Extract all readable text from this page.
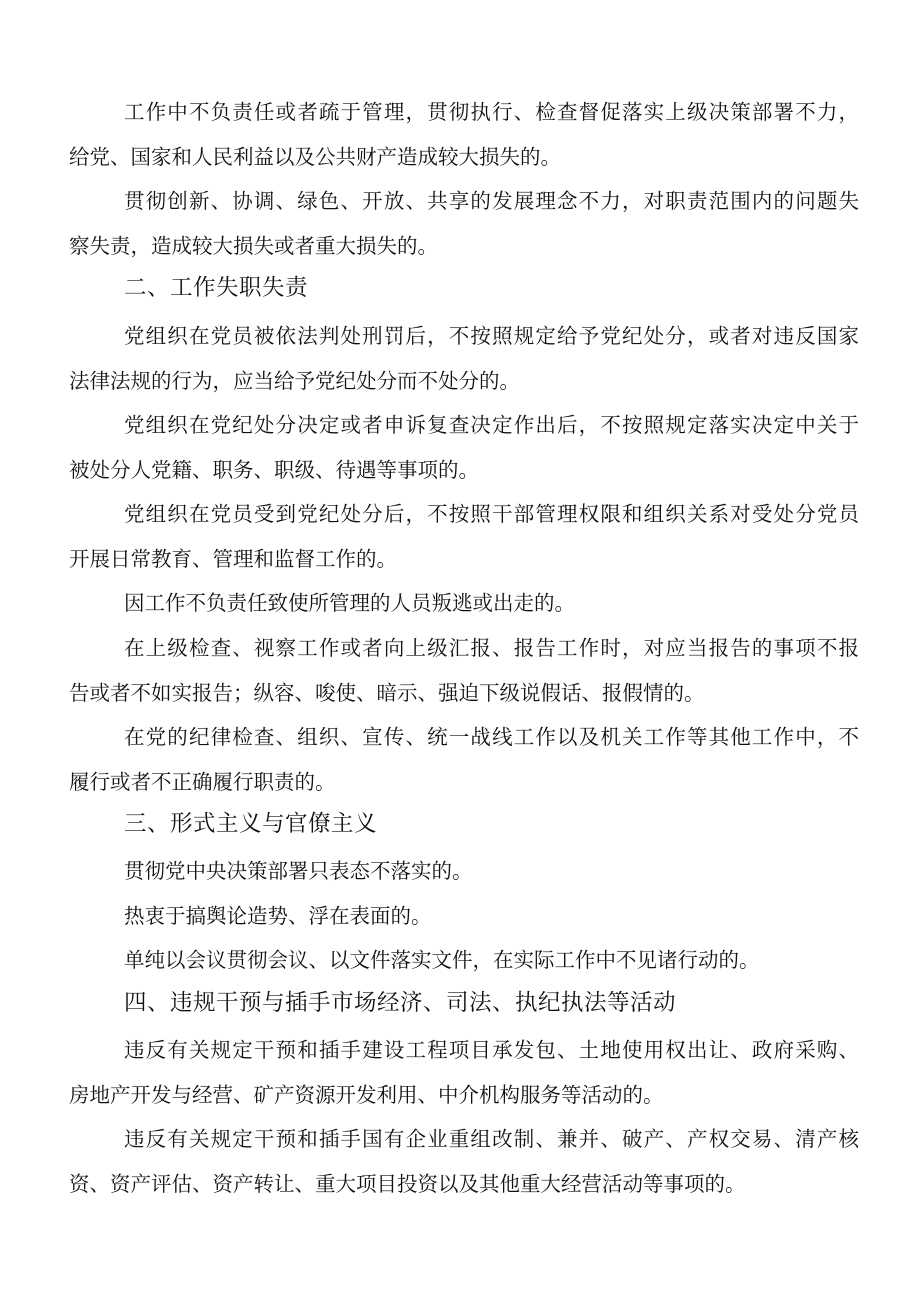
工作中不负责任或者疏于管理，贯彻执行、检查督促落实上级决策部署不力，
给党、国家和人民利益以及公共财产造成较大损失的。
贯彻创新、协调、绿色、开放、共享的发展理念不力，对职责范围内的问题失
察失责，造成较大损失或者重大损失的。
二、工作失职失责
党组织在党员被依法判处刑罚后，不按照规定给予党纪处分，或者对违反国家
法律法规的行为，应当给予党纪处分而不处分的。
党组织在党纪处分决定或者申诉复查决定作出后，不按照规定落实决定中关于
被处分人党籍、职务、职级、待遇等事项的。
党组织在党员受到党纪处分后，不按照干部管理权限和组织关系对受处分党员
开展日常教育、管理和监督工作的。
因工作不负责任致使所管理的人员叛逃或出走的。
在上级检查、视察工作或者向上级汇报、报告工作时，对应当报告的事项不报
告或者不如实报告；纵容、唆使、暗示、强迫下级说假话、报假情的。
在党的纪律检查、组织、宣传、统一战线工作以及机关工作等其他工作中，不
履行或者不正确履行职责的。
三、形式主义与官僚主义
贯彻党中央决策部署只表态不落实的。
热衷于搞舆论造势、浮在表面的。
单纯以会议贯彻会议、以文件落实文件，在实际工作中不见诸行动的。
四、违规干预与插手市场经济、司法、执纪执法等活动
违反有关规定干预和插手建设工程项目承发包、土地使用权出让、政府采购、
房地产开发与经营、矿产资源开发利用、中介机构服务等活动的。
违反有关规定干预和插手国有企业重组改制、兼并、破产、产权交易、清产核
资、资产评估、资产转让、重大项目投资以及其他重大经营活动等事项的。
